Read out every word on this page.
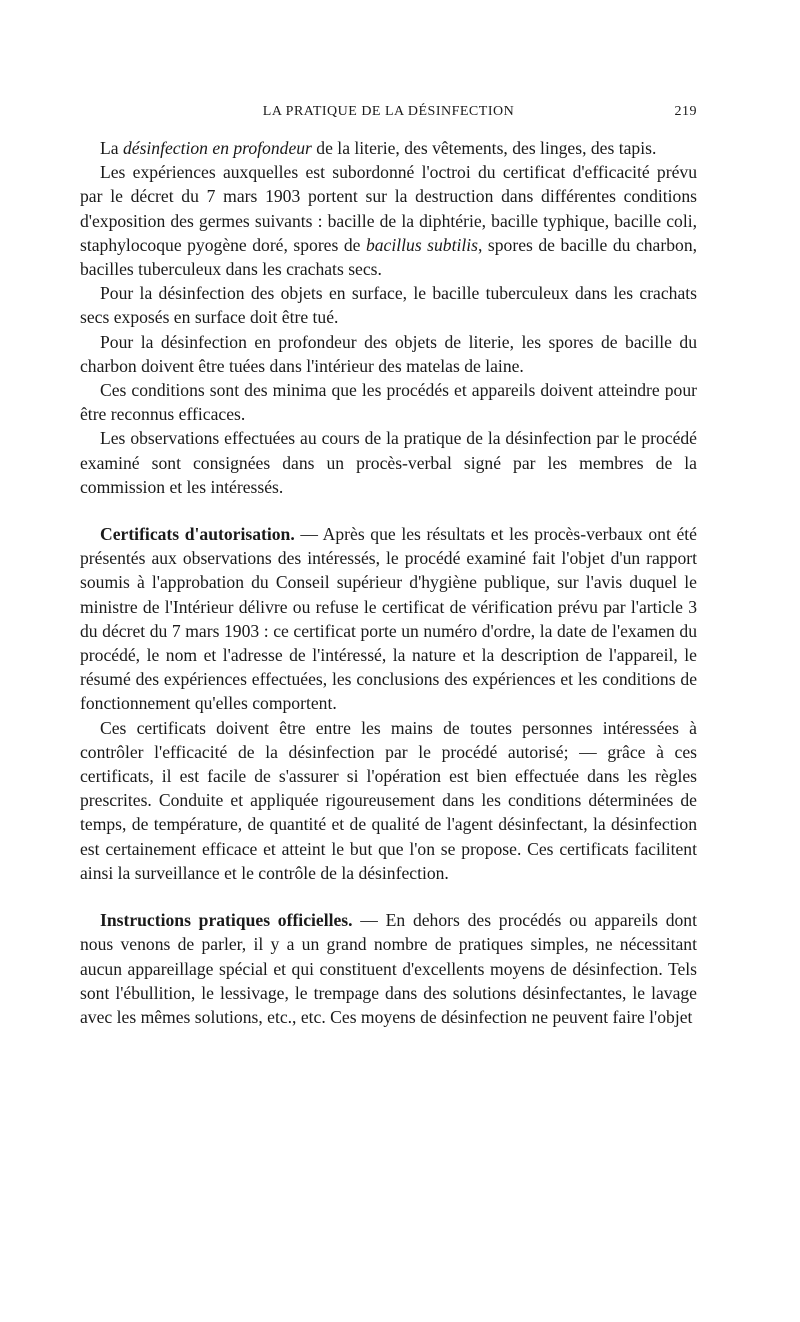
LA PRATIQUE DE LA DÉSINFECTION	219

La désinfection en profondeur de la literie, des vêtements, des linges, des tapis.

Les expériences auxquelles est subordonné l'octroi du certificat d'efficacité prévu par le décret du 7 mars 1903 portent sur la destruction dans différentes conditions d'exposition des germes suivants : bacille de la diphtérie, bacille typhique, bacille coli, staphylocoque pyogène doré, spores de bacillus subtilis, spores de bacille du charbon, bacilles tuberculeux dans les crachats secs.

Pour la désinfection des objets en surface, le bacille tuberculeux dans les crachats secs exposés en surface doit être tué.

Pour la désinfection en profondeur des objets de literie, les spores de bacille du charbon doivent être tuées dans l'intérieur des matelas de laine.

Ces conditions sont des minima que les procédés et appareils doivent atteindre pour être reconnus efficaces.

Les observations effectuées au cours de la pratique de la désinfection par le procédé examiné sont consignées dans un procès-verbal signé par les membres de la commission et les intéressés.

Certificats d'autorisation. — Après que les résultats et les procès-verbaux ont été présentés aux observations des intéressés, le procédé examiné fait l'objet d'un rapport soumis à l'approbation du Conseil supérieur d'hygiène publique, sur l'avis duquel le ministre de l'Intérieur délivre ou refuse le certificat de vérification prévu par l'article 3 du décret du 7 mars 1903 : ce certificat porte un numéro d'ordre, la date de l'examen du procédé, le nom et l'adresse de l'intéressé, la nature et la description de l'appareil, le résumé des expériences effectuées, les conclusions des expériences et les conditions de fonctionnement qu'elles comportent.

Ces certificats doivent être entre les mains de toutes personnes intéressées à contrôler l'efficacité de la désinfection par le procédé autorisé; — grâce à ces certificats, il est facile de s'assurer si l'opération est bien effectuée dans les règles prescrites. Conduite et appliquée rigoureusement dans les conditions déterminées de temps, de température, de quantité et de qualité de l'agent désinfectant, la désinfection est certainement efficace et atteint le but que l'on se propose. Ces certificats facilitent ainsi la surveillance et le contrôle de la désinfection.

Instructions pratiques officielles. — En dehors des procédés ou appareils dont nous venons de parler, il y a un grand nombre de pratiques simples, ne nécessitant aucun appareillage spécial et qui constituent d'excellents moyens de désinfection. Tels sont l'ébullition, le lessivage, le trempage dans des solutions désinfectantes, le lavage avec les mêmes solutions, etc., etc. Ces moyens de désinfection ne peuvent faire l'objet
